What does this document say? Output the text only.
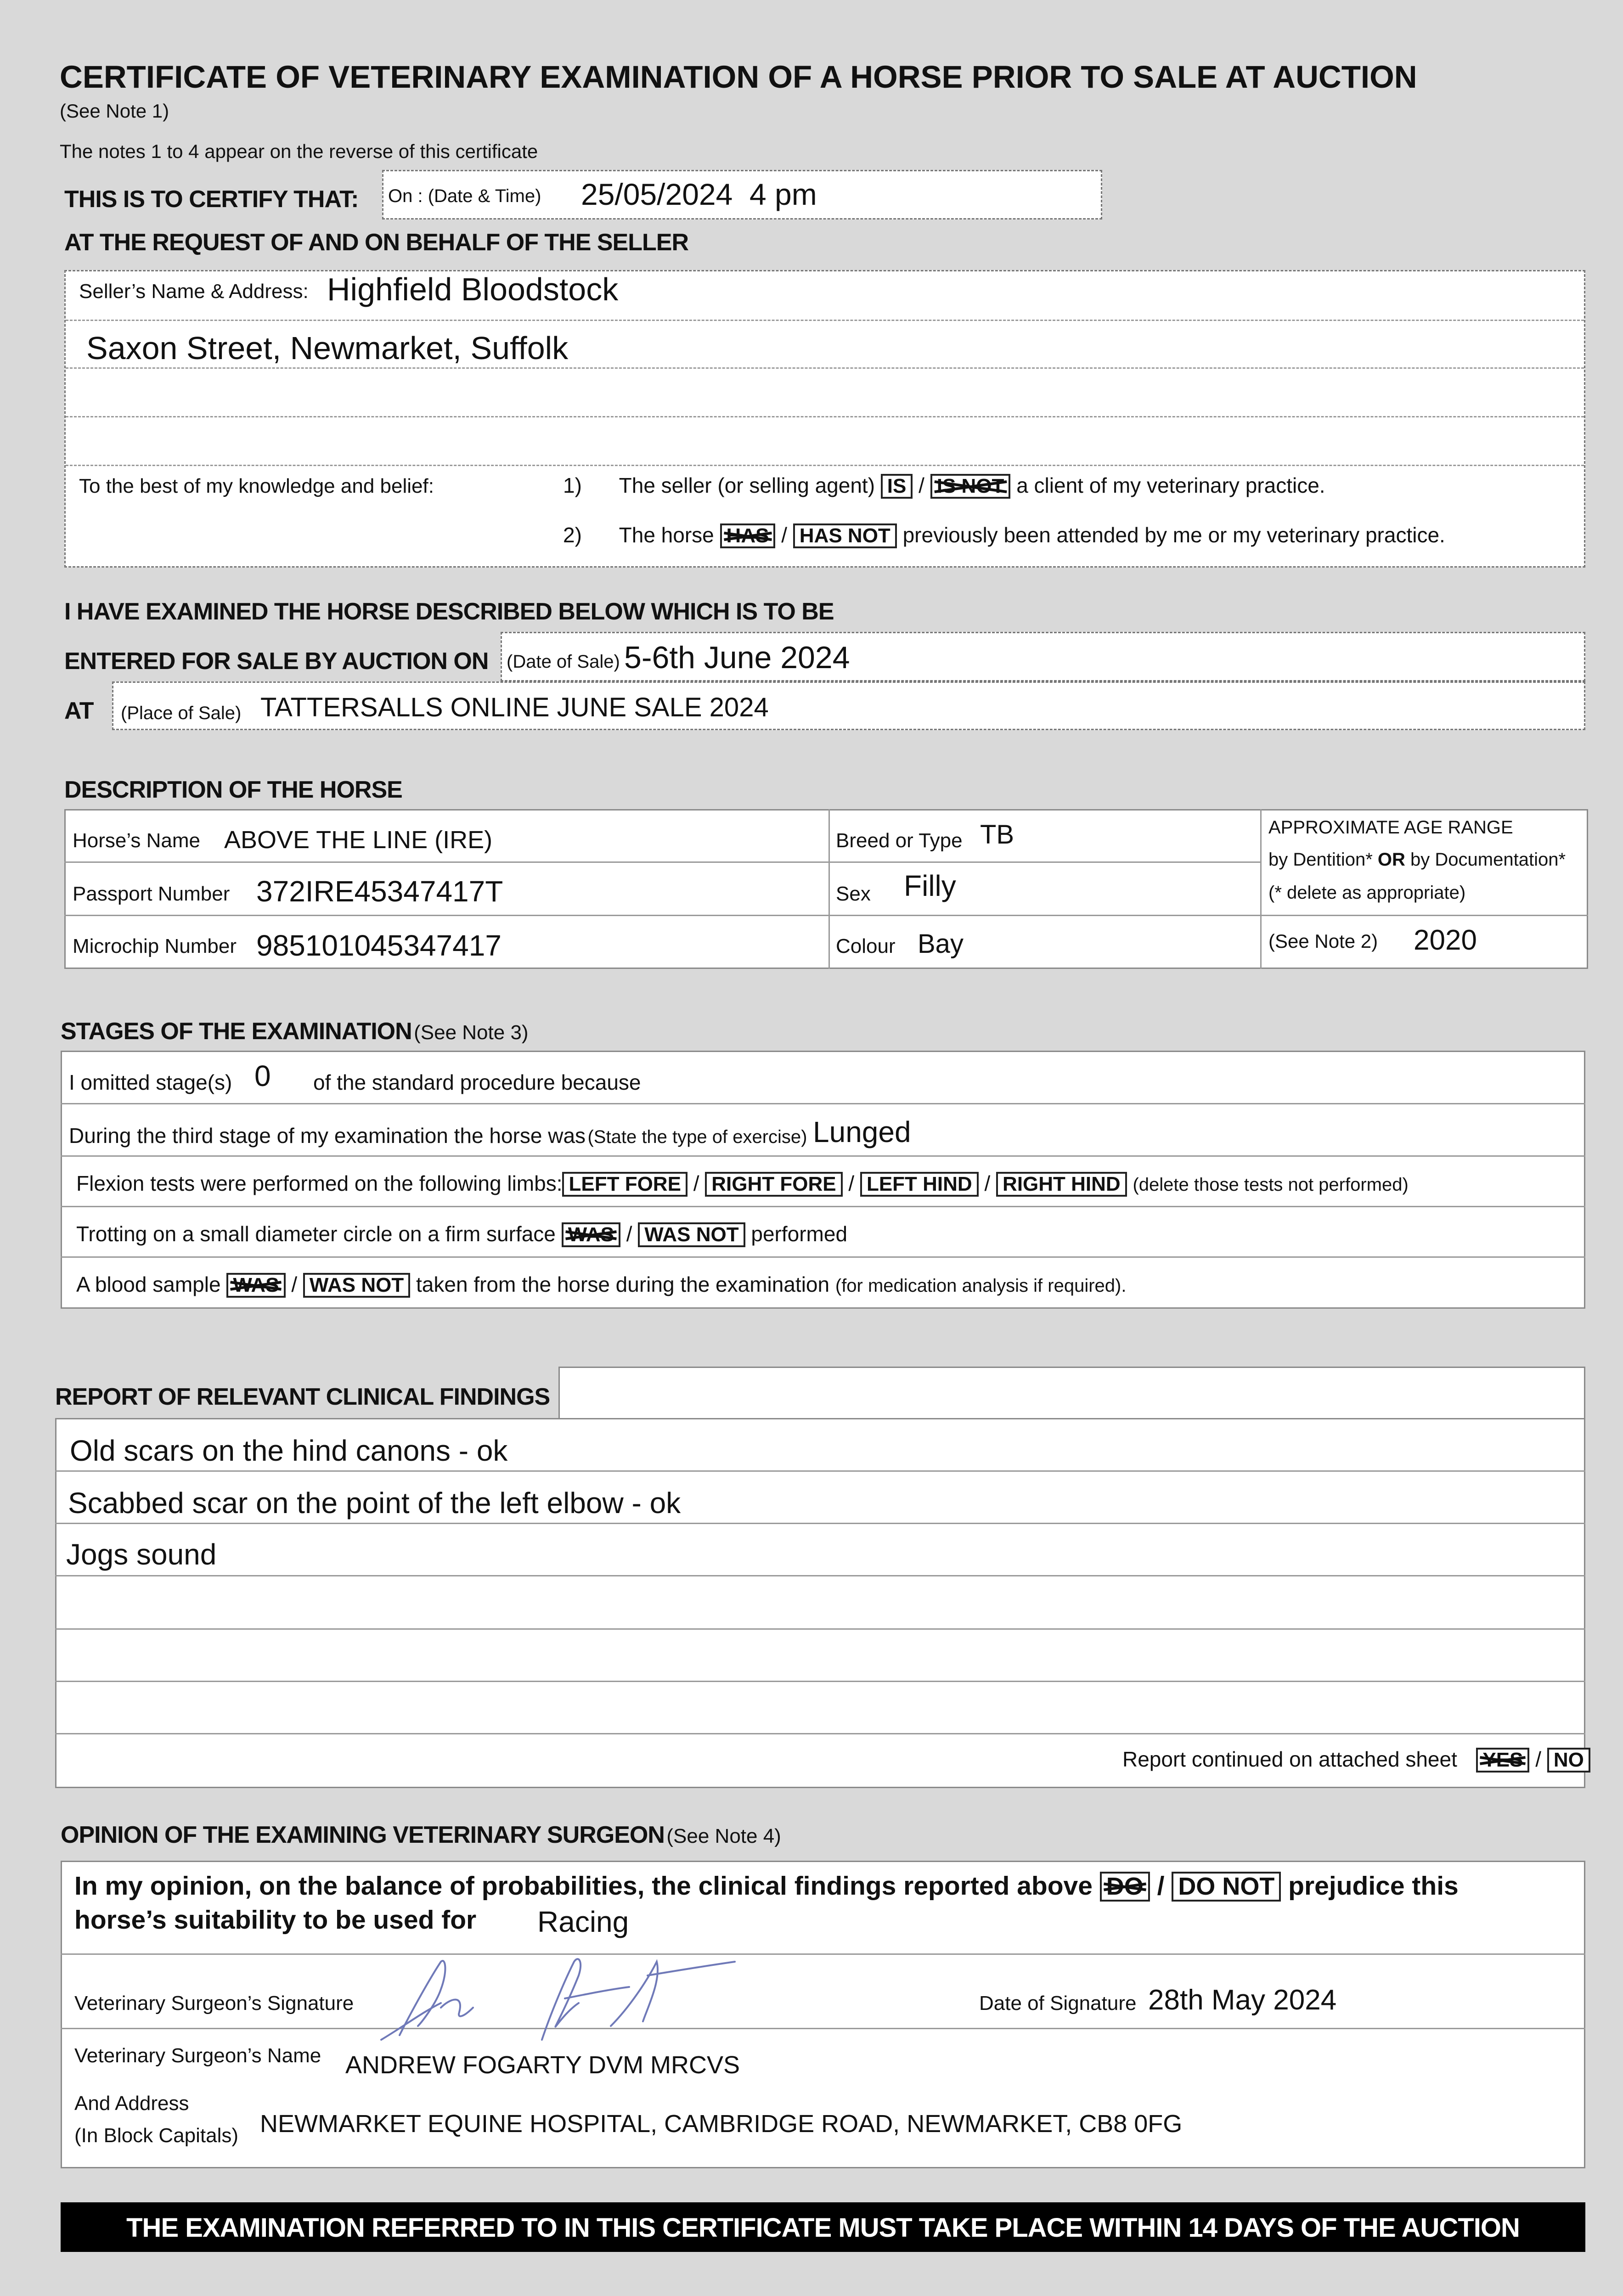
CERTIFICATE OF VETERINARY EXAMINATION OF A HORSE PRIOR TO SALE AT AUCTION
(See Note 1)
The notes 1 to 4 appear on the reverse of this certificate
THIS IS TO CERTIFY THAT: On : (Date & Time) 25/05/2024  4 pm
AT THE REQUEST OF AND ON BEHALF OF THE SELLER
Seller’s Name & Address: Highfield Bloodstock
Saxon Street, Newmarket, Suffolk
To the best of my knowledge and belief:	1) The seller (or selling agent) IS / IS NOT a client of my veterinary practice.
2) The horse HAS / HAS NOT previously been attended by me or my veterinary practice.
I HAVE EXAMINED THE HORSE DESCRIBED BELOW WHICH IS TO BE
ENTERED FOR SALE BY AUCTION ON (Date of Sale) 5-6th June 2024
AT (Place of Sale) TATTERSALLS ONLINE JUNE SALE 2024
DESCRIPTION OF THE HORSE
Horse’s Name ABOVE THE LINE (IRE)
Passport Number 372IRE45347417T
Microchip Number 985101045347417
Breed or Type TB
Sex Filly
Colour Bay
APPROXIMATE AGE RANGE
by Dentition* OR by Documentation*
(* delete as appropriate)
(See Note 2) 2020
STAGES OF THE EXAMINATION (See Note 3)
I omitted stage(s) 0 of the standard procedure because
During the third stage of my examination the horse was (State the type of exercise) Lunged
Flexion tests were performed on the following limbs: LEFT FORE / RIGHT FORE / LEFT HIND / RIGHT HIND (delete those tests not performed)
Trotting on a small diameter circle on a firm surface WAS / WAS NOT performed
A blood sample WAS / WAS NOT taken from the horse during the examination (for medication analysis if required).
REPORT OF RELEVANT CLINICAL FINDINGS
Old scars on the hind canons - ok
Scabbed scar on the point of the left elbow - ok
Jogs sound
Report continued on attached sheet YES / NO
OPINION OF THE EXAMINING VETERINARY SURGEON (See Note 4)
In my opinion, on the balance of probabilities, the clinical findings reported above DO / DO NOT prejudice this
horse’s suitability to be used for Racing
Veterinary Surgeon’s Signature	Date of Signature 28th May 2024
Veterinary Surgeon’s Name ANDREW FOGARTY DVM MRCVS
And Address
(In Block Capitals) NEWMARKET EQUINE HOSPITAL, CAMBRIDGE ROAD, NEWMARKET, CB8 0FG
THE EXAMINATION REFERRED TO IN THIS CERTIFICATE MUST TAKE PLACE WITHIN 14 DAYS OF THE AUCTION
